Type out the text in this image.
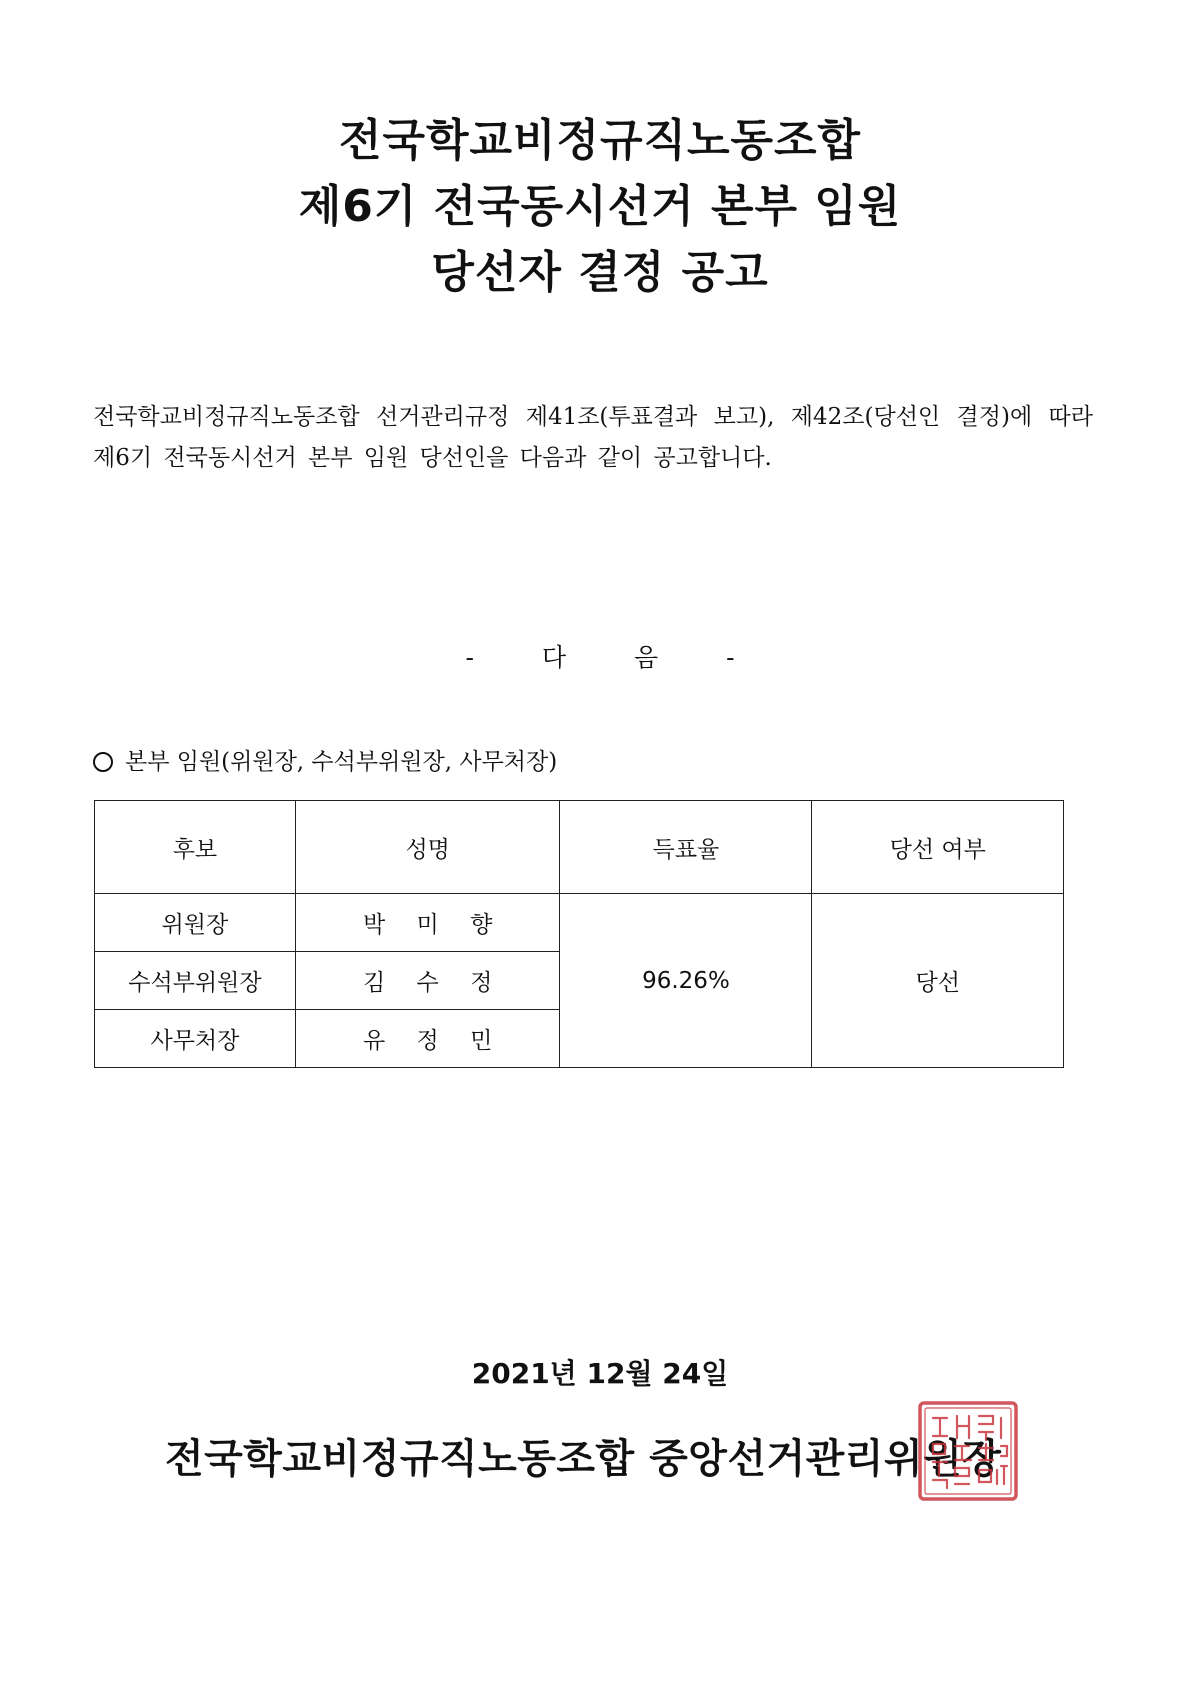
전국학교비정규직노동조합
제6기 전국동시선거 본부 임원
당선자 결정 공고
전국학교비정규직노동조합 선거관리규정 제41조(투표결과 보고), 제42조(당선인 결정)에 따라 제6기 전국동시선거 본부 임원 당선인을 다음과 같이 공고합니다.
-	다	음	-
본부 임원(위원장, 수석부위원장, 사무처장)
후보	성명	득표율	당선 여부
위원장	박 미 향	96.26%	당선
수석부위원장	김 수 정		
사무처장	유 정 민		
2021년 12월 24일
전국학교비정규직노동조합 중앙선거관리위원장
